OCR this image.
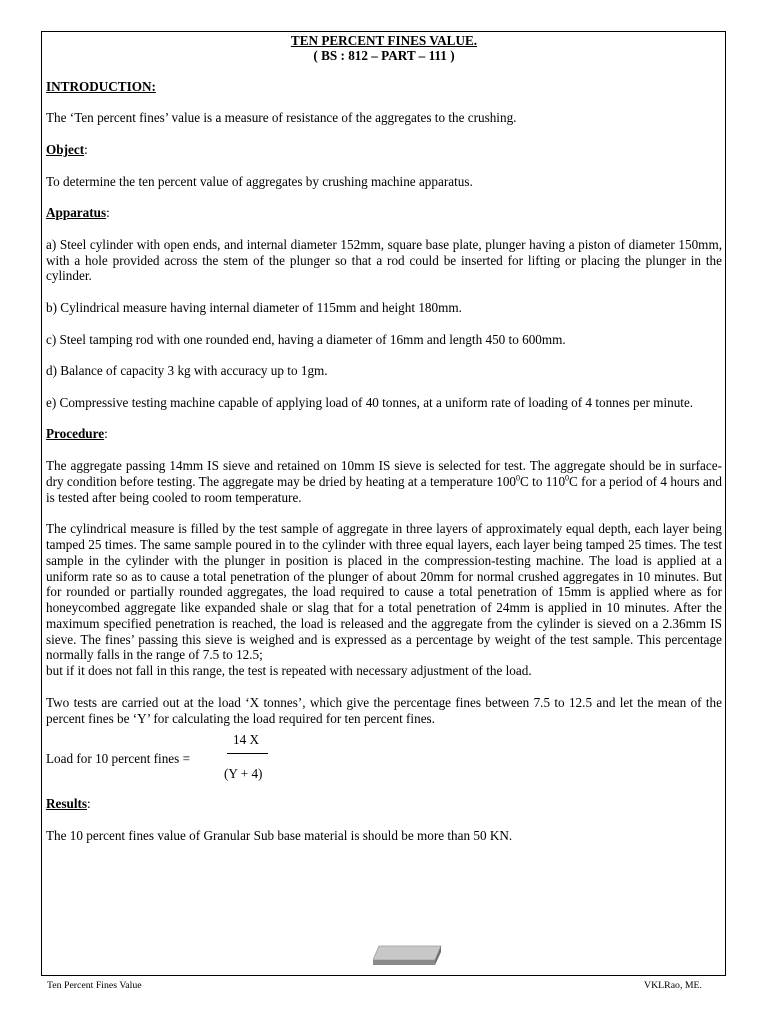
TEN PERCENT FINES VALUE.
( BS : 812 – PART – 111 )
INTRODUCTION:

The ‘Ten percent fines’ value is a measure of resistance of the aggregates to the crushing.

Object:

To determine the ten percent value of aggregates by crushing machine apparatus.

Apparatus:

a) Steel cylinder with open ends, and internal diameter 152mm, square base plate, plunger having a piston of diameter 150mm, with a hole provided across the stem of the plunger so that a rod could be inserted for lifting or placing the plunger in the cylinder.

b) Cylindrical measure having internal diameter of 115mm and height 180mm.

c) Steel tamping rod with one rounded end, having a diameter of 16mm and length 450 to 600mm.

d) Balance of capacity 3 kg with accuracy up to 1gm.

e) Compressive testing machine capable of applying load of 40 tonnes, at a uniform rate of loading of 4 tonnes per minute.

Procedure:

The aggregate passing 14mm IS sieve and retained on 10mm IS sieve is selected for test. The aggregate should be in surface-dry condition before testing. The aggregate may be dried by heating at a temperature $100^0C$ to $110^0C$ for a period of 4 hours and is tested after being cooled to room temperature.

The cylindrical measure is filled by the test sample of aggregate in three layers of approximately equal depth, each layer being tamped 25 times. The same sample poured in to the cylinder with three equal layers, each layer being tamped 25 times. The test sample in the cylinder with the plunger in position is placed in the compression-testing machine. The load is applied at a uniform rate so as to cause a total penetration of the plunger of about 20mm for normal crushed aggregates in 10 minutes. But for rounded or partially rounded aggregates, the load required to cause a total penetration of 15mm is applied where as for honeycombed aggregate like expanded shale or slag that for a total penetration of 24mm is applied in 10 minutes. After the maximum specified penetration is reached, the load is released and the aggregate from the cylinder is sieved on a 2.36mm IS sieve. The fines’ passing this sieve is weighed and is expressed as a percentage by weight of the test sample. This percentage normally falls in the range of 7.5 to 12.5;

but if it does not fall in this range, the test is repeated with necessary adjustment of the load.

Two tests are carried out at the load ‘X tonnes’, which give the percentage fines between 7.5 to 12.5 and let the mean of the percent fines be ‘Y’ for calculating the load required for ten percent fines.

Load for 10 percent fines =
14 X
(Y + 4)
Results:

The 10 percent fines value of Granular Sub base material is should be more than 50 KN.

Ten Percent Fines Value	VKLRao, ME.
